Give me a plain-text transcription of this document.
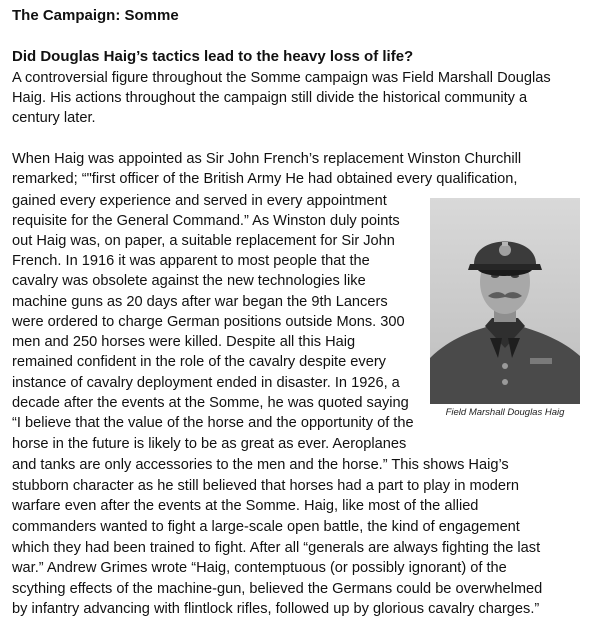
The Campaign: Somme
Did Douglas Haig’s tactics lead to the heavy loss of life?

A controversial figure throughout the Somme campaign was Field Marshall Douglas

Haig. His actions throughout the campaign still divide the historical community a

century later.

When Haig was appointed as Sir John French’s replacement Winston Churchill

remarked; “"first officer of the British Army He had obtained every qualification,

gained every experience and served in every appointment

requisite for the General Command.” As Winston duly points

out Haig was, on paper, a suitable replacement for Sir John

French. In 1916 it was apparent to most people that the

cavalry was obsolete against the new technologies like

machine guns as 20 days after war began the 9th Lancers

were ordered to charge German positions outside Mons. 300

men and 250 horses were killed. Despite all this Haig

remained confident in the role of the cavalry despite every

instance of cavalry deployment ended in disaster. In 1926, a

decade after the events at the Somme, he was quoted saying

“I believe that the value of the horse and the opportunity of the

horse in the future is likely to be as great as ever. Aeroplanes

and tanks are only accessories to the men and the horse.” This shows Haig’s

stubborn character as he still believed that horses had a part to play in modern

warfare even after the events at the Somme. Haig, like most of the allied

commanders wanted to fight a large-scale open battle, the kind of engagement

which they had been trained to fight. After all “generals are always fighting the last

war.” Andrew Grimes wrote “Haig, contemptuous (or possibly ignorant) of the

scything effects of the machine-gun, believed the Germans could be overwhelmed

by infantry advancing with flintlock rifles, followed up by glorious cavalry charges.”

Field Marshall Douglas Haig
